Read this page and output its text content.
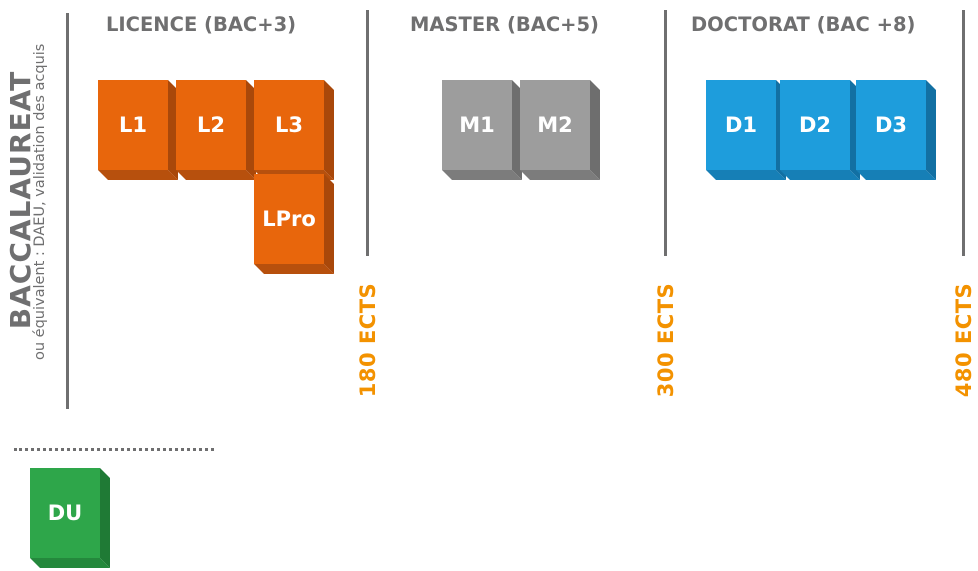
BACCALAUREAT
ou équivalent : DAEU, validation des acquis
LICENCE (BAC+3)	MASTER (BAC+5)	DOCTORAT (BAC +8)
180 ECTS	300 ECTS	480 ECTS
L1	L2	L3
LPro
M1	M2	D1	D2	D3
DU
